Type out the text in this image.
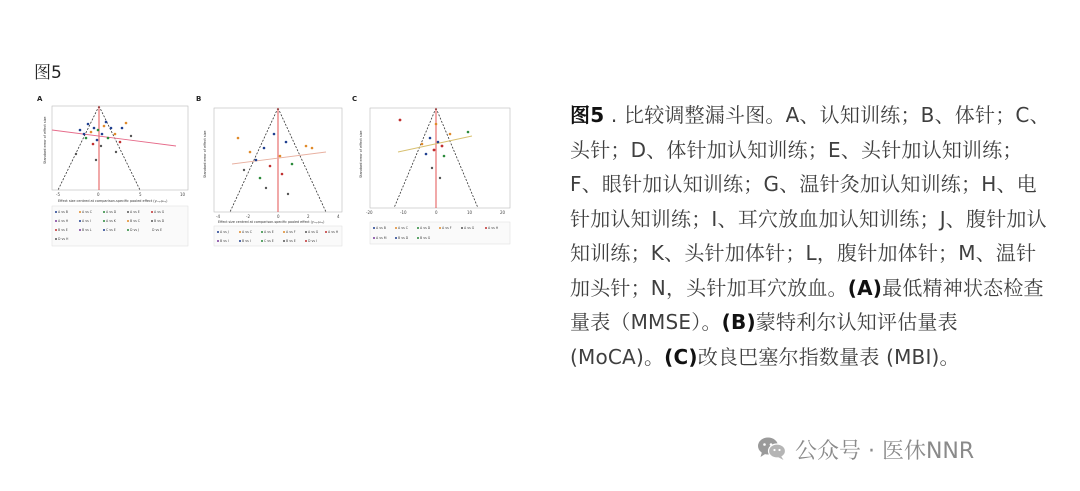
图5
A
-5	0	5	10
Effect size centred at comparison-specific pooled effect (yᵢₓᵧ-μₓᵧ)
Standard error of effect size
A vs B	A vs C	A vs D	A vs E	A vs G
A vs H	A vs I	A vs K	B vs C	B vs D
B vs E	B vs L	C vs E	D vs J	D vs E
D vs H
B
-4	-2	0	2	4
Effect size centred at comparison-specific pooled effect (yᵢₓᵧ-μₓᵧ)
Standard error of effect size
A vs J	A vs C	A vs E	A vs F	A vs G	A vs H
B vs I	B vs I	C vs E	B vs E	D vs I
C
-20	-10	0	10	20
Standard error of effect size
A vs B	A vs C	A vs D	A vs F	A vs G	A vs H
A vs M	B vs D	B vs G
图5 . 比较调整漏斗图。A、认知训练；B、体针；C、头针；D、体针加认知训练；E、头针加认知训练；F、眼针加认知训练；G、温针灸加认知训练；H、电针加认知训练；I、耳穴放血加认知训练；J、腹针加认知训练；K、头针加体针；L，腹针加体针；M、温针加头针；N，头针加耳穴放血。(A)最低精神状态检查量表（MMSE）。(B)蒙特利尔认知评估量表 (MoCA)。(C)改良巴塞尔指数量表 (MBI)。
公众号 · 医休NNR
